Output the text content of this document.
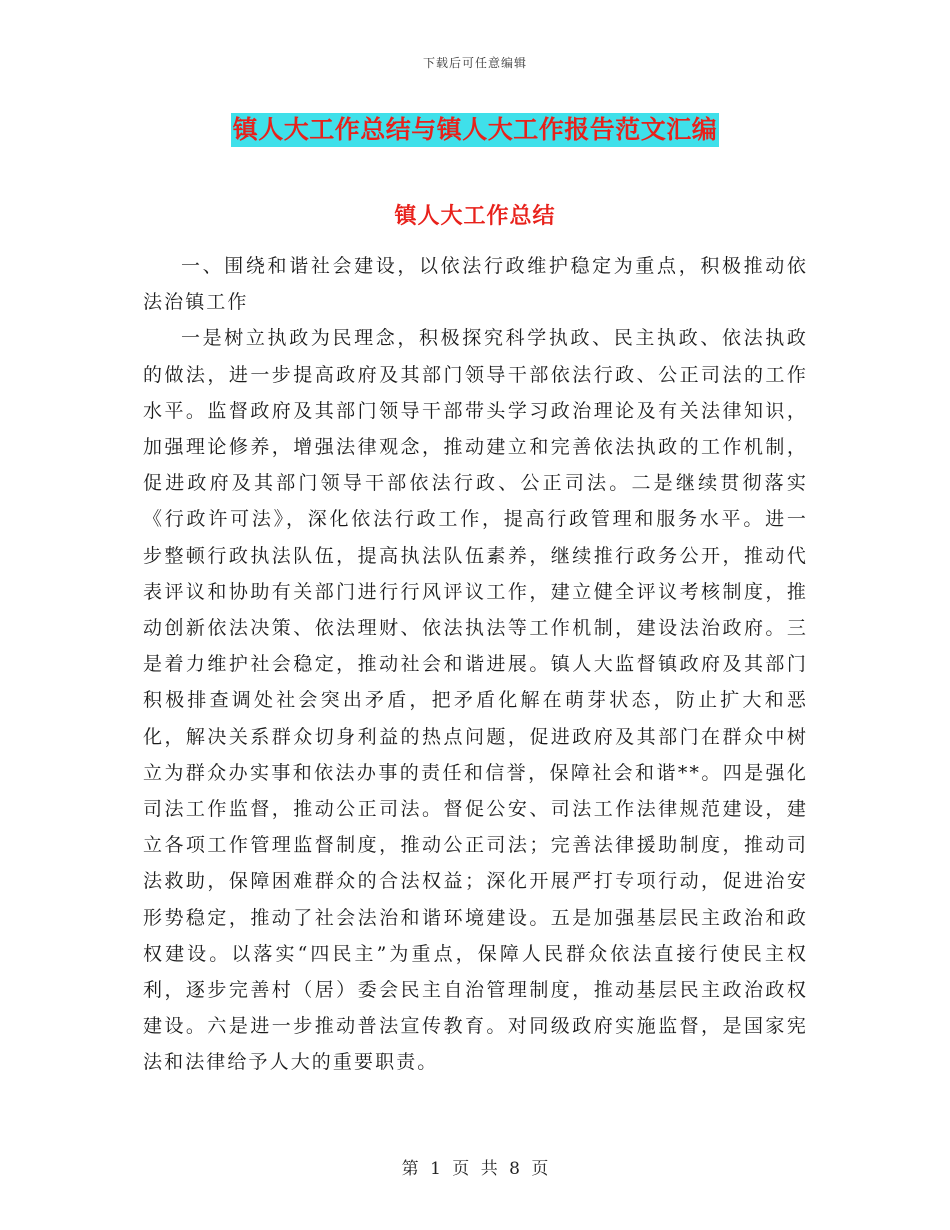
下载后可任意编辑
镇人大工作总结与镇人大工作报告范文汇编
镇人大工作总结

一、围绕和谐社会建设，以依法行政维护稳定为重点，积极推动依法治镇工作

一是树立执政为民理念，积极探究科学执政、民主执政、依法执政的做法，进一步提高政府及其部门领导干部依法行政、公正司法的工作水平。监督政府及其部门领导干部带头学习政治理论及有关法律知识，加强理论修养，增强法律观念，推动建立和完善依法执政的工作机制，促进政府及其部门领导干部依法行政、公正司法。二是继续贯彻落实《行政许可法》，深化依法行政工作，提高行政管理和服务水平。进一步整顿行政执法队伍，提高执法队伍素养，继续推行政务公开，推动代表评议和协助有关部门进行行风评议工作，建立健全评议考核制度，推动创新依法决策、依法理财、依法执法等工作机制，建设法治政府。三是着力维护社会稳定，推动社会和谐进展。镇人大监督镇政府及其部门积极排查调处社会突出矛盾，把矛盾化解在萌芽状态，防止扩大和恶化，解决关系群众切身利益的热点问题，促进政府及其部门在群众中树立为群众办实事和依法办事的责任和信誉，保障社会和谐**。四是强化司法工作监督，推动公正司法。督促公安、司法工作法律规范建设，建立各项工作管理监督制度，推动公正司法；完善法律援助制度，推动司法救助，保障困难群众的合法权益；深化开展严打专项行动，促进治安形势稳定，推动了社会法治和谐环境建设。五是加强基层民主政治和政权建设。以落实“四民主”为重点，保障人民群众依法直接行使民主权利，逐步完善村（居）委会民主自治管理制度，推动基层民主政治政权建设。六是进一步推动普法宣传教育。对同级政府实施监督，是国家宪法和法律给予人大的重要职责。

第 1 页 共 8 页
